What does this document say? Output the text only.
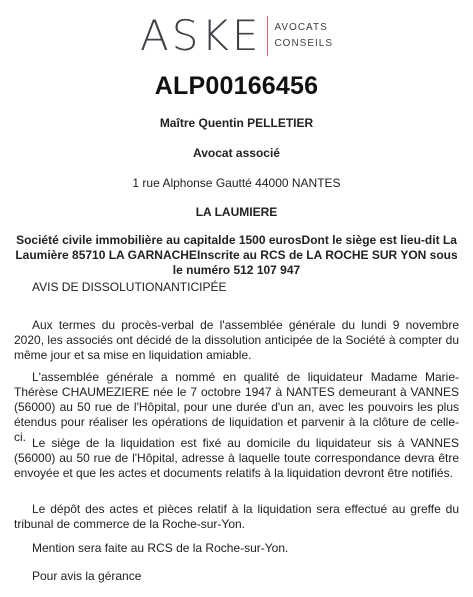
ASKE AVOCATS
CONSEILS
ALP00166456
Maître Quentin PELLETIER
Avocat associé
1 rue Alphonse Gautté 44000 NANTES
LA LAUMIERE
Société civile immobilière au capitalde 1500 eurosDont le siège est lieu-dit La Laumière 85710 LA GARNACHEInscrite au RCS de LA ROCHE SUR YON sous le numéro 512 107 947
AVIS DE DISSOLUTIONANTICIPÉE
Aux termes du procès-verbal de l'assemblée générale du lundi 9 novembre 2020, les associés ont décidé de la dissolution anticipée de la Société à compter du même jour et sa mise en liquidation amiable.
L'assemblée générale a nommé en qualité de liquidateur Madame Marie-Thérèse CHAUMEZIERE née le 7 octobre 1947 à NANTES demeurant à VANNES (56000) au 50 rue de l'Hôpital, pour une durée d'un an, avec les pouvoirs les plus étendus pour réaliser les opérations de liquidation et parvenir à la clôture de celle-ci. Le siège de la liquidation est fixé au domicile du liquidateur sis à VANNES (56000) au 50 rue de l'Hôpital, adresse à laquelle toute correspondance devra être envoyée et que les actes et documents relatifs à la liquidation devront être notifiés.
Le dépôt des actes et pièces relatif à la liquidation sera effectué au greffe du tribunal de commerce de la Roche-sur-Yon.
Mention sera faite au RCS de la Roche-sur-Yon.
Pour avis la gérance
